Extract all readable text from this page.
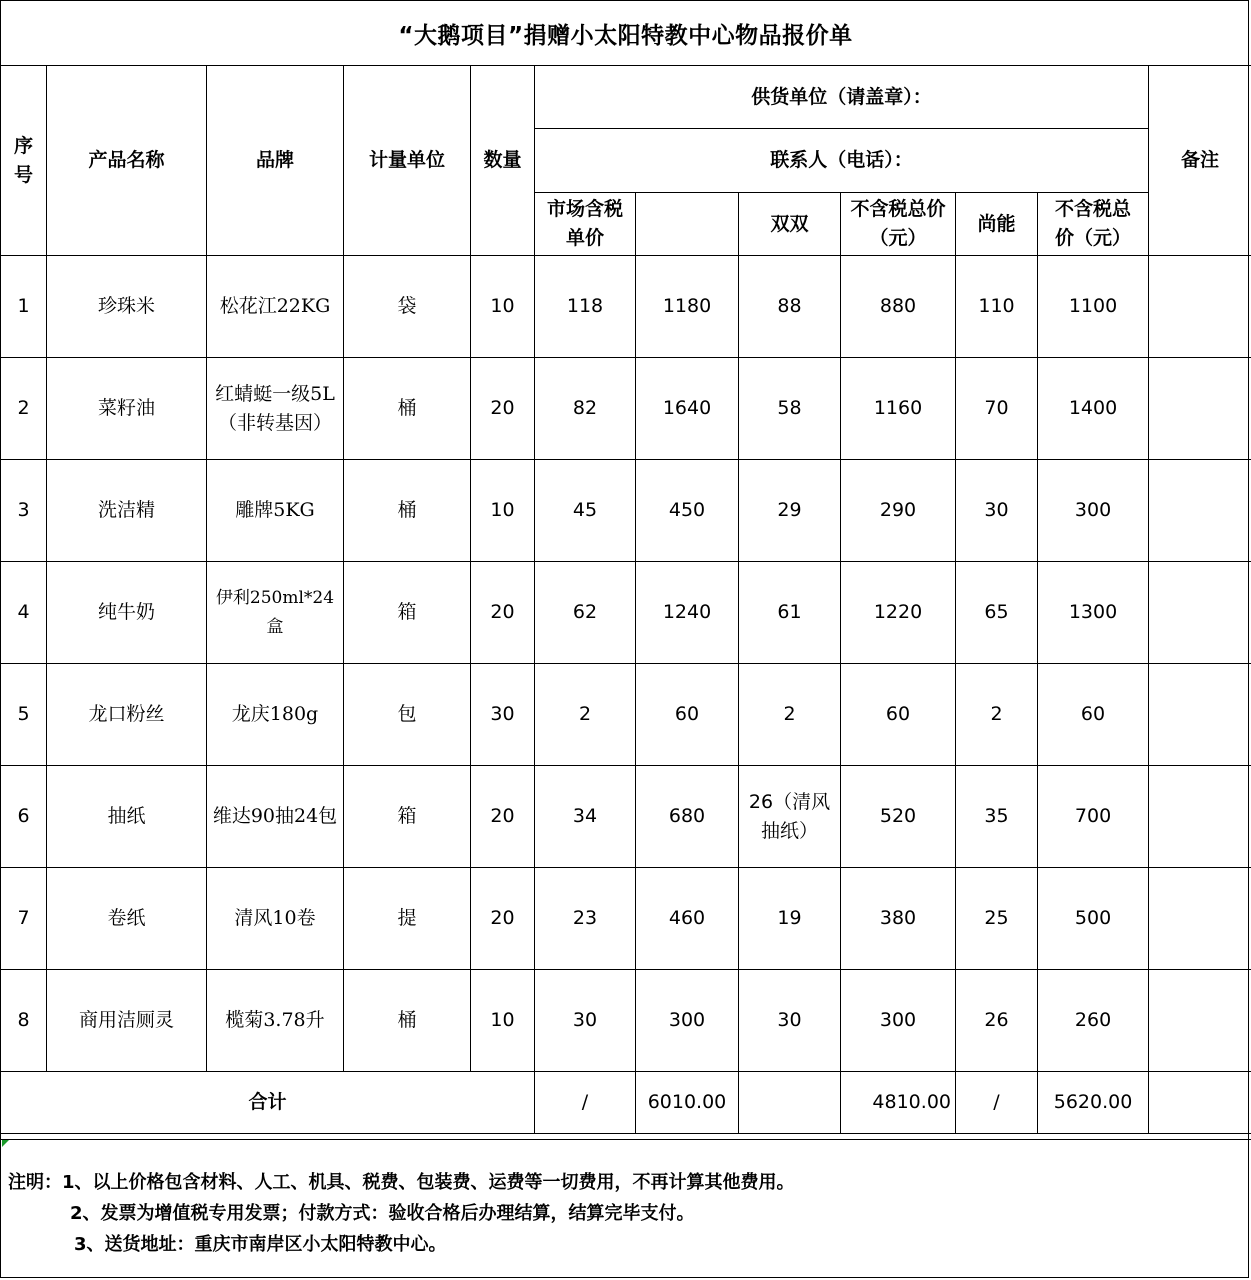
“大鹅项目”捐赠小太阳特教中心物品报价单
序号	产品名称	品牌	计量单位	数量	供货单位（请盖章）：						备注
					联系人（电话）：						
					市场含税单价		双双	不含税总价（元）	尚能	不含税总价（元）	
1	珍珠米	松花江22KG	袋	10	118	1180	88	880	110	1100	
2	菜籽油	红蜻蜓一级5L（非转基因）	桶	20	82	1640	58	1160	70	1400	
3	洗洁精	雕牌5KG	桶	10	45	450	29	290	30	300	
4	纯牛奶	伊利250ml*24盒	箱	20	62	1240	61	1220	65	1300	
5	龙口粉丝	龙庆180g	包	30	2	60	2	60	2	60	
6	抽纸	维达90抽24包	箱	20	34	680	26（清风抽纸）	520	35	700	
7	卷纸	清风10卷	提	20	23	460	19	380	25	500	
8	商用洁厕灵	榄菊3.78升	桶	10	30	300	30	300	26	260	
合计					/	6010.00		4810.00	/	5620.00	
注明：1、以上价格包含材料、人工、机具、税费、包装费、运费等一切费用，不再计算其他费用。
2、发票为增值税专用发票；付款方式：验收合格后办理结算，结算完毕支付。
3、送货地址：重庆市南岸区小太阳特教中心。
